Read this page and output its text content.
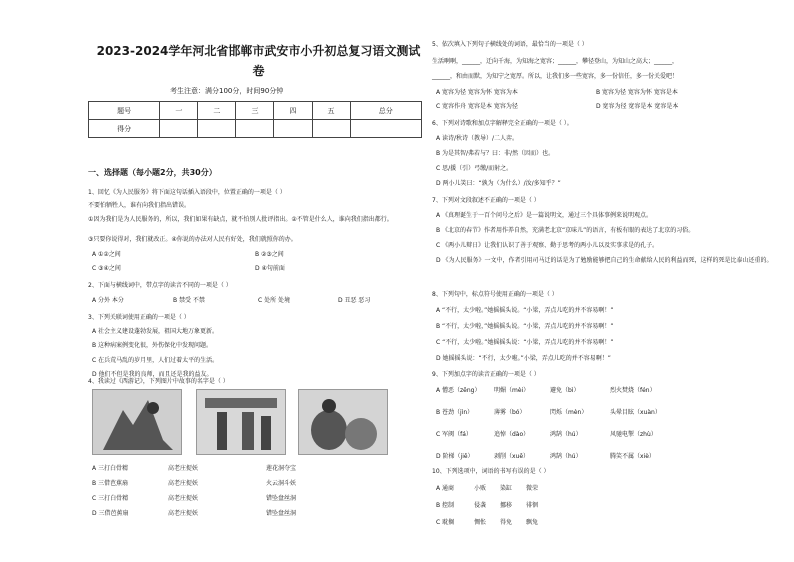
2023-2024学年河北省邯郸市武安市小升初总复习语文测试
卷
考生注意：满分100分，时间90分钟
题号	一	二	三	四	五	总分
得分						
一、选择题（每小题2分，共30分）
1、回忆《为人民服务》将下面这句话插入语段中，位置正确的一项是（ ）
不要怕牺牲人，谁有向我们指出错误。
①因为我们是为人民服务的，所以，我们如果有缺点，就不怕别人批评指出。②不管是什么人，谁向我们指出都行。
③只要你说得对，我们就改正。④你说的办法对人民有好处，我们就照你的办。
A ①②之间	B ②③之间
C ③④之间	D ④句前面
2、下面与横线词中，带点字的读音不同的一项是（ ）
A 分外 本分	B 禁受 不禁	C 处所 处境	D 丑恶 恶习
3、下列关联词使用正确的一项是（ ）
A 社会主义建设蓬勃发展，祖国大地万象更新。
B 这种病案例变化很，外伤保化中发现问题。
C 在兵荒马乱的岁月里，人们过着太平的生活。
D 他们不但是我的良师，而且还是我的益友。
4、我读过《西游记》，下列图片中故事的名字是（ ）
A 三打白骨精	高老庄捉妖	莲花洞夺宝
B 三借芭蕉扇	高老庄捉妖	火云洞斗妖
C 三打白骨精	高老庄捉妖	错坠盘丝洞
D 三借芭蕉扇	高老庄捉妖	错坠盘丝洞
5、依次填入下列句子横线处的词语，最恰当的一项是（ ）
生活啊啊，______，迁向千海，为知海之宽容；______，攀径登山，为知山之高大；______，
______，和由而默，为知宁之宽厚。所以，让我们多一些宽容，多一份信任，多一份关爱吧！
A 宽容为径 宽容为怀 宽容为本	B 宽容为径 宽容为怀 宽容是本
C 宽容作舟 宽容是本 宽容为径	D 宽容为径 宽容是本 宽容是本
6、下列对诗歌和加点字解释完全正确的一项是（ ）。
A 读诗/秋诗（教导）/二人弈。
B 为是其智/弗若与？曰：非/然（因而）也。
C 思/援（引）弓缴/而射之。
D 两小儿笑曰：“孰为（为什么）/汝/多知乎？”
7、下列对文段叙述不正确的一项是（ ）
A 《真理诞生于一百个问号之后》是一篇说明文，通过三个具体事例来说明观点。
B 《北京的春节》作者用作养自然，充满老北京“京味儿”的语言，有板有眼的表达了北京的习俗。
C 《两小儿辩日》让我们认识了善于观察、勤于思考的两小儿以及实事求是的孔子。
D 《为人民服务》一文中，作者引用司马迁的话是为了勉励能够把自己的生命献给人民的利益而死，这样的死是比泰山还重的。
8、下列句中，标点符号使用正确的一项是（ ）
A “不行，太少啦。”她摇摇头说。“小梁，弄点儿吃的并不容易啊！”
B “不行，太少啦，”她摇摇头说。“小梁，弄点儿吃的并不容易啊！”
C “不行，太少啦。”她摇摇头说：“小梁，弄点儿吃的并不容易啊！”
D 她摇摇头说：“不行，太少啦。”小梁，弄点儿吃的并不容易啊！”
9、下列加点字的读音正确的一项是（ ）
A 憎恶（zēng） 明媚（mèi）	避免（bì）	烈火焚烧（fén）
B 苍劲（jìn）	薄雾（bó）	閃烁（mèn）	头晕目眩（xuàn）
C 军阀（fá）	追悼（dào）	鸿鹄（hú）	风驰电掣（zhù）
D 阶梯（jiē）	剥削（xuē）	鸿鹄（hú）	腾笑不属（xiè）
10、下列选项中，词语的书写有误的是（ ）
A 通商	小贩 染缸 微荣
B 控制	侵袭 挪移 徘徊
C 耽搁	惆怅 得免 飘兔
